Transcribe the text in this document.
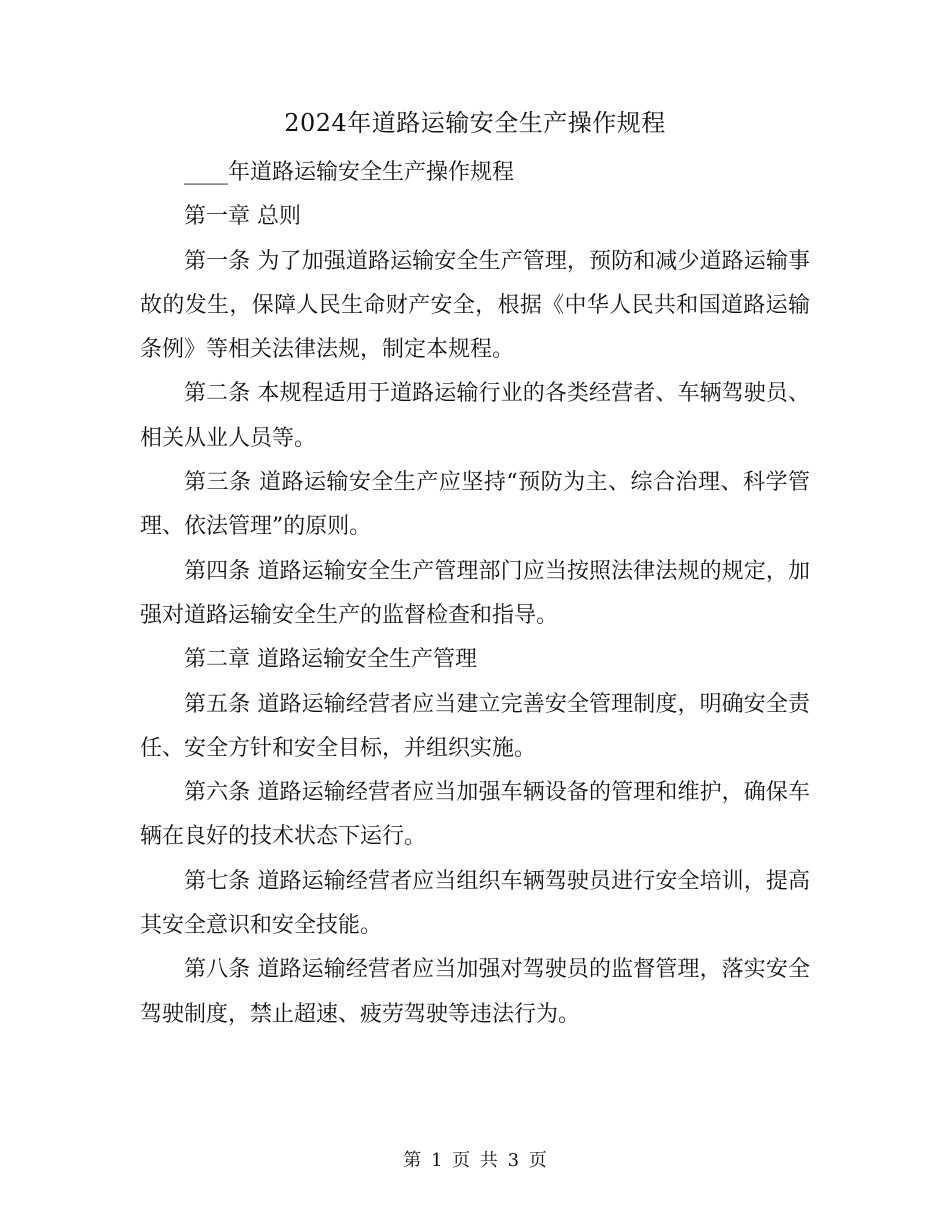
2024年道路运输安全生产操作规程

____年道路运输安全生产操作规程

第一章 总则

第一条 为了加强道路运输安全生产管理，预防和减少道路运输事故的发生，保障人民生命财产安全，根据《中华人民共和国道路运输条例》等相关法律法规，制定本规程。

第二条 本规程适用于道路运输行业的各类经营者、车辆驾驶员、相关从业人员等。

第三条 道路运输安全生产应坚持“预防为主、综合治理、科学管理、依法管理”的原则。

第四条 道路运输安全生产管理部门应当按照法律法规的规定，加强对道路运输安全生产的监督检查和指导。

第二章 道路运输安全生产管理

第五条 道路运输经营者应当建立完善安全管理制度，明确安全责任、安全方针和安全目标，并组织实施。

第六条 道路运输经营者应当加强车辆设备的管理和维护，确保车辆在良好的技术状态下运行。

第七条 道路运输经营者应当组织车辆驾驶员进行安全培训，提高其安全意识和安全技能。

第八条 道路运输经营者应当加强对驾驶员的监督管理，落实安全驾驶制度，禁止超速、疲劳驾驶等违法行为。

第 1 页 共 3 页
